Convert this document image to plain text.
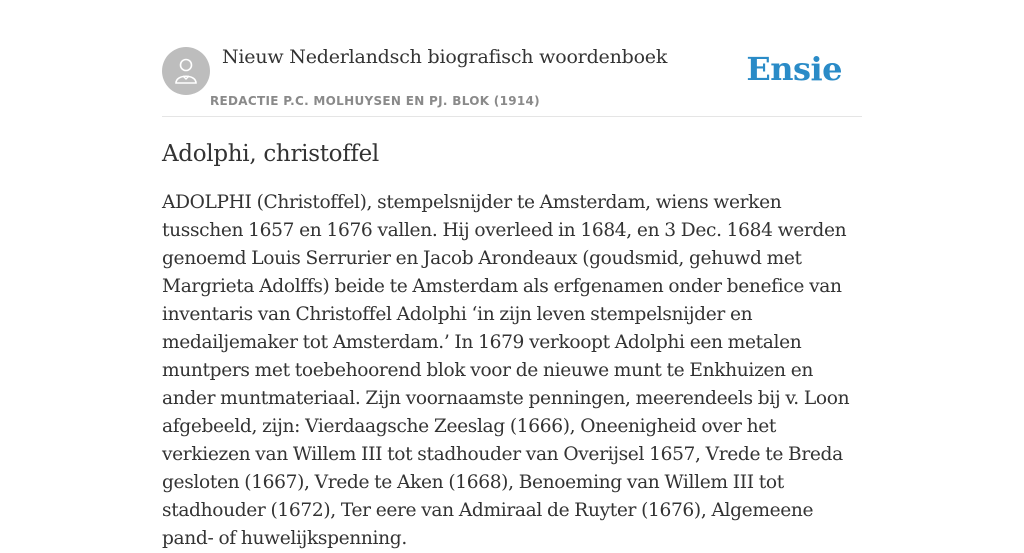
Nieuw Nederlandsch biografisch woordenboek
REDACTIE P.C. MOLHUYSEN EN PJ. BLOK (1914)
Ensie
Adolphi, christoffel

ADOLPHI (Christoffel), stempelsnijder te Amsterdam, wiens werken tusschen 1657 en 1676 vallen. Hij overleed in 1684, en 3 Dec. 1684 werden genoemd Louis Serrurier en Jacob Arondeaux (goudsmid, gehuwd met Margrieta Adolffs) beide te Amsterdam als erfgenamen onder benefice van inventaris van Christoffel Adolphi ‘in zijn leven stempelsnijder en medailjemaker tot Amsterdam.’ In 1679 verkoopt Adolphi een metalen muntpers met toebehoorend blok voor de nieuwe munt te Enkhuizen en ander muntmateriaal. Zijn voornaamste penningen, meerendeels bij v. Loon afgebeeld, zijn: Vierdaagsche Zeeslag (1666), Oneenigheid over het verkiezen van Willem III tot stadhouder van Overijsel 1657, Vrede te Breda gesloten (1667), Vrede te Aken (1668), Benoeming van Willem III tot stadhouder (1672), Ter eere van Admiraal de Ruyter (1676), Algemeene pand- of huwelijkspenning.
